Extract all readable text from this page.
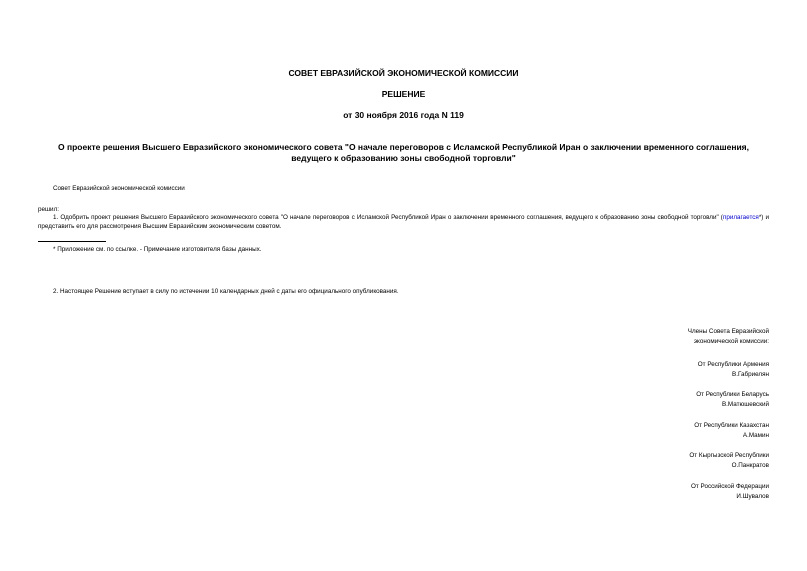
СОВЕТ ЕВРАЗИЙСКОЙ ЭКОНОМИЧЕСКОЙ КОМИССИИ
РЕШЕНИЕ
от 30 ноября 2016 года N 119
О проекте решения Высшего Евразийского экономического совета "О начале переговоров с Исламской Республикой Иран о заключении временного соглашения,
ведущего к образованию зоны свободной торговли"
Совет Евразийской экономической комиссии
решил:
1. Одобрить проект решения Высшего Евразийского экономического совета "О начале переговоров с Исламской Республикой Иран о заключении временного соглашения, ведущего к образованию зоны свободной торговли" (прилагается*) и представить его для рассмотрения Высшим Евразийским экономическим советом.
* Приложение см. по ссылке. - Примечание изготовителя базы данных.
2. Настоящее Решение вступает в силу по истечении 10 календарных дней с даты его официального опубликования.
Члены Совета Евразийской
экономической комиссии:
От Республики Армения
В.Габриелян
От Республики Беларусь
В.Матюшевский
От Республики Казахстан
А.Мамин
От Кыргызской Республики
О.Панкратов
От Российской Федерации
И.Шувалов
